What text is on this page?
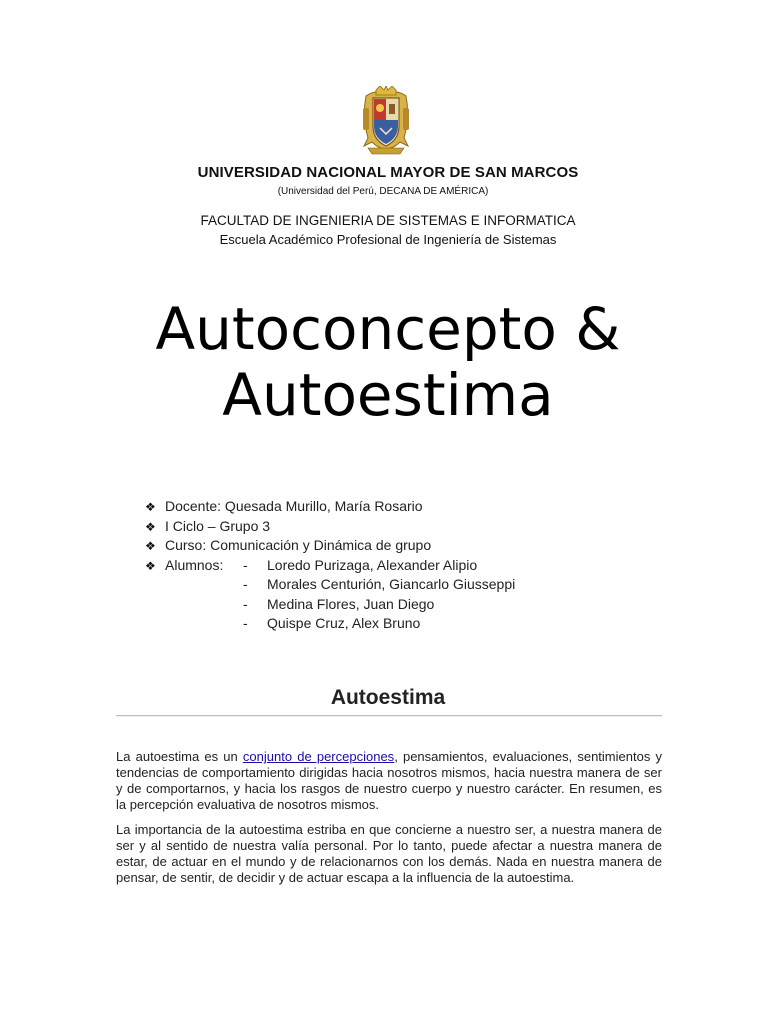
UNIVERSIDAD NACIONAL MAYOR DE SAN MARCOS
(Universidad del Perú, DECANA DE AMÉRICA)
FACULTAD DE INGENIERIA DE SISTEMAS E INFORMATICA
Escuela Académico Profesional de Ingeniería de Sistemas
Autoconcepto &
Autoestima
❖ Docente: Quesada Murillo, María Rosario
❖ I Ciclo – Grupo 3
❖ Curso: Comunicación y Dinámica de grupo
❖ Alumnos:	-	Loredo Purizaga, Alexander Alipio
-	Morales Centurión, Giancarlo Giusseppi
-	Medina Flores, Juan Diego
-	Quispe Cruz, Alex Bruno
Autoestima

La autoestima es un conjunto de percepciones, pensamientos, evaluaciones, sentimientos y tendencias de comportamiento dirigidas hacia nosotros mismos, hacia nuestra manera de ser y de comportarnos, y hacia los rasgos de nuestro cuerpo y nuestro carácter. En resumen, es la percepción evaluativa de nosotros mismos.

La importancia de la autoestima estriba en que concierne a nuestro ser, a nuestra manera de ser y al sentido de nuestra valía personal. Por lo tanto, puede afectar a nuestra manera de estar, de actuar en el mundo y de relacionarnos con los demás. Nada en nuestra manera de pensar, de sentir, de decidir y de actuar escapa a la influencia de la autoestima.
